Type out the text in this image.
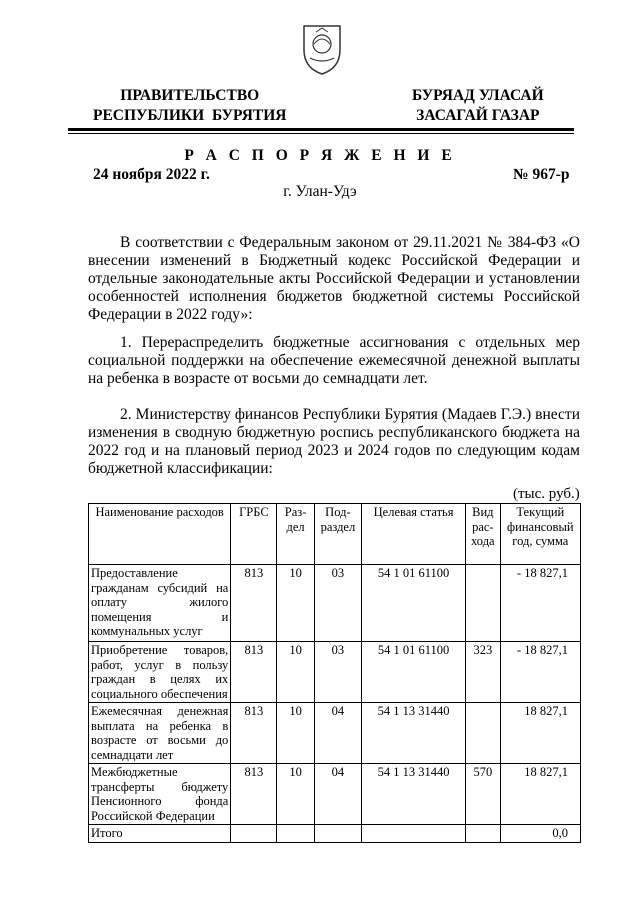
ПРАВИТЕЛЬСТВО
РЕСПУБЛИКИ  БУРЯТИЯ
БУРЯАД УЛАСАЙ
ЗАСАГАЙ ГАЗАР
Р А С П О Р Я Ж Е Н И Е
24 ноября 2022 г.	№ 967-р
г. Улан-Удэ
В соответствии с Федеральным законом от 29.11.2021 № 384-ФЗ «О внесении изменений в Бюджетный кодекс Российской Федерации и отдельные законодательные акты Российской Федерации и установлении особенностей исполнения бюджетов бюджетной системы Российской Федерации в 2022 году»:
1. Перераспределить бюджетные ассигнования с отдельных мер социальной поддержки на обеспечение ежемесячной денежной выплаты на ребенка в возрасте от восьми до семнадцати лет.
2. Министерству финансов Республики Бурятия (Мадаев Г.Э.) внести изменения в сводную бюджетную роспись республиканского бюджета на 2022 год и на плановый период 2023 и 2024 годов по следующим кодам бюджетной классификации:
(тыс. руб.)
Наименование расходов	ГРБС	Раз-дел	Под-раздел	Целевая статья	Вид рас-хода	Текущий финансовый год, сумма
Предоставление гражданам субсидий на оплату жилого помещения и коммунальных услуг	813	10	03	54 1 01 61100		- 18 827,1
Приобретение товаров, работ, услуг в пользу граждан в целях их социального обеспечения	813	10	03	54 1 01 61100	323	- 18 827,1
Ежемесячная денежная выплата на ребенка в возрасте от восьми до семнадцати лет	813	10	04	54 1 13 31440		18 827,1
Межбюджетные трансферты бюджету Пенсионного фонда Российской Федерации	813	10	04	54 1 13 31440	570	18 827,1
Итого						0,0
